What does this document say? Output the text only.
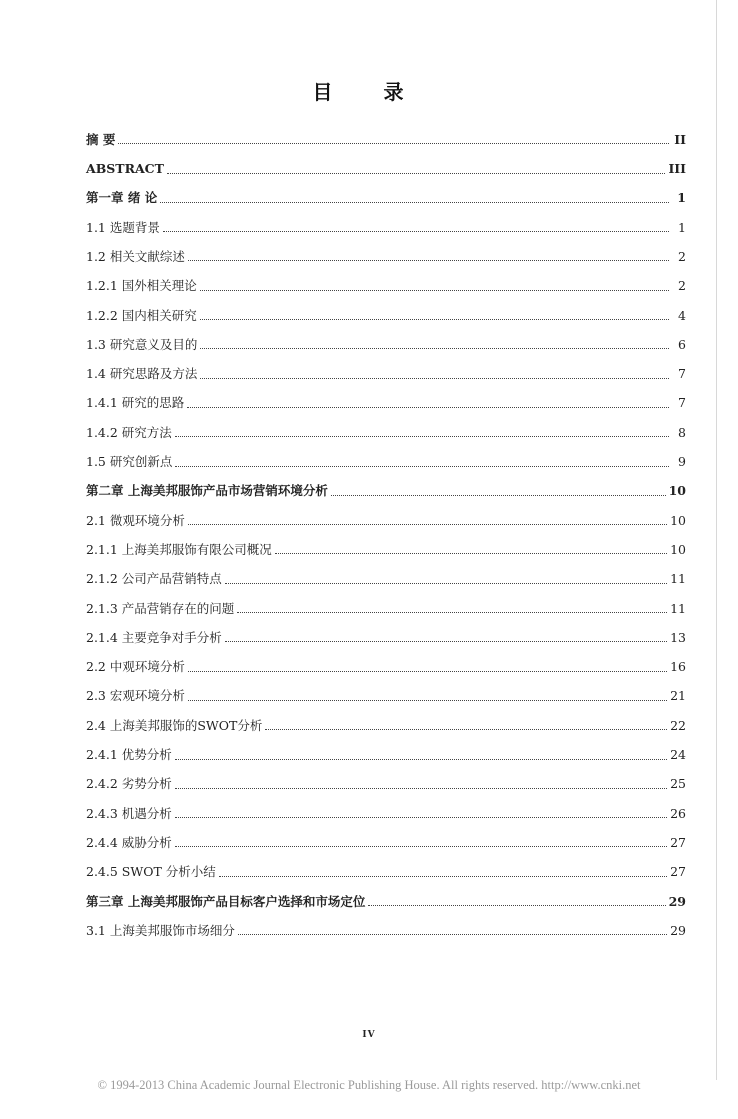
目 录
摘 要	II
ABSTRACT	III
第一章 绪 论	1
1.1 选题背景	1
1.2 相关文献综述	2
1.2.1 国外相关理论	2
1.2.2 国内相关研究	4
1.3 研究意义及目的	6
1.4 研究思路及方法	7
1.4.1 研究的思路	7
1.4.2 研究方法	8
1.5 研究创新点	9
第二章 上海美邦服饰产品市场营销环境分析	10
2.1 微观环境分析	10
2.1.1 上海美邦服饰有限公司概况	10
2.1.2 公司产品营销特点	11
2.1.3 产品营销存在的问题	11
2.1.4 主要竞争对手分析	13
2.2 中观环境分析	16
2.3 宏观环境分析	21
2.4 上海美邦服饰的SWOT分析	22
2.4.1 优势分析	24
2.4.2 劣势分析	25
2.4.3 机遇分析	26
2.4.4 威胁分析	27
2.4.5 SWOT 分析小结	27
第三章 上海美邦服饰产品目标客户选择和市场定位	29
3.1 上海美邦服饰市场细分	29
IV
© 1994-2013 China Academic Journal Electronic Publishing House. All rights reserved. http://www.cnki.net
